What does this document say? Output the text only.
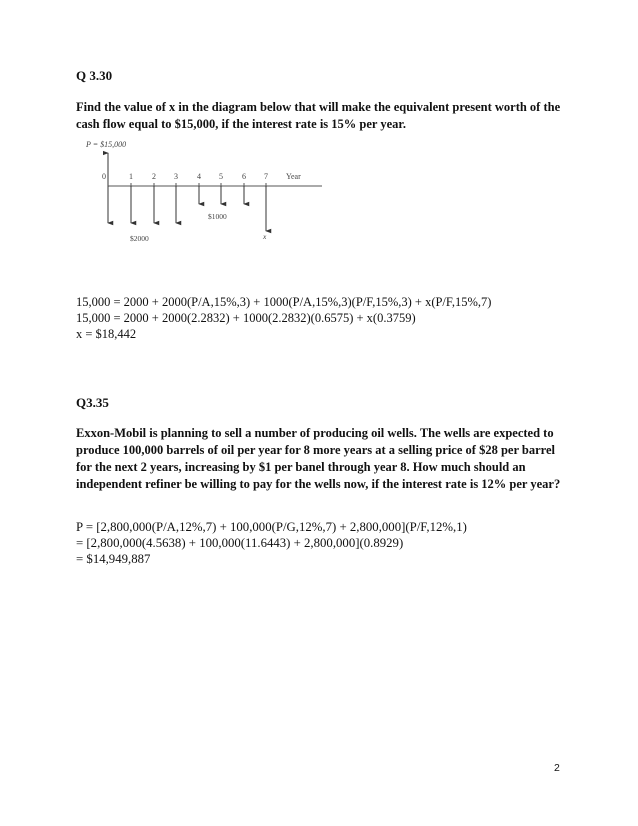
Q 3.30

Find the value of x in the diagram below that will make the equivalent present worth of the

cash flow equal to $15,000, if the interest rate is 15% per year.

P = $15,000
0	1 2 3 4 5 6 7 Year
$1000
$2000	x

15,000 = 2000 + 2000(P/A,15%,3) + 1000(P/A,15%,3)(P/F,15%,3) + x(P/F,15%,7)

15,000 = 2000 + 2000(2.2832) + 1000(2.2832)(0.6575) + x(0.3759)

x = $18,442

Q3.35

Exxon-Mobil is planning to sell a number of producing oil wells. The wells are expected to

produce 100,000 barrels of oil per year for 8 more years at a selling price of $28 per barrel

for the next 2 years, increasing by $1 per banel through year 8. How much should an

independent refiner be willing to pay for the wells now, if the interest rate is 12% per year?

P = [2,800,000(P/A,12%,7) + 100,000(P/G,12%,7) + 2,800,000](P/F,12%,1)

= [2,800,000(4.5638) + 100,000(11.6443) + 2,800,000](0.8929)

= $14,949,887

2
